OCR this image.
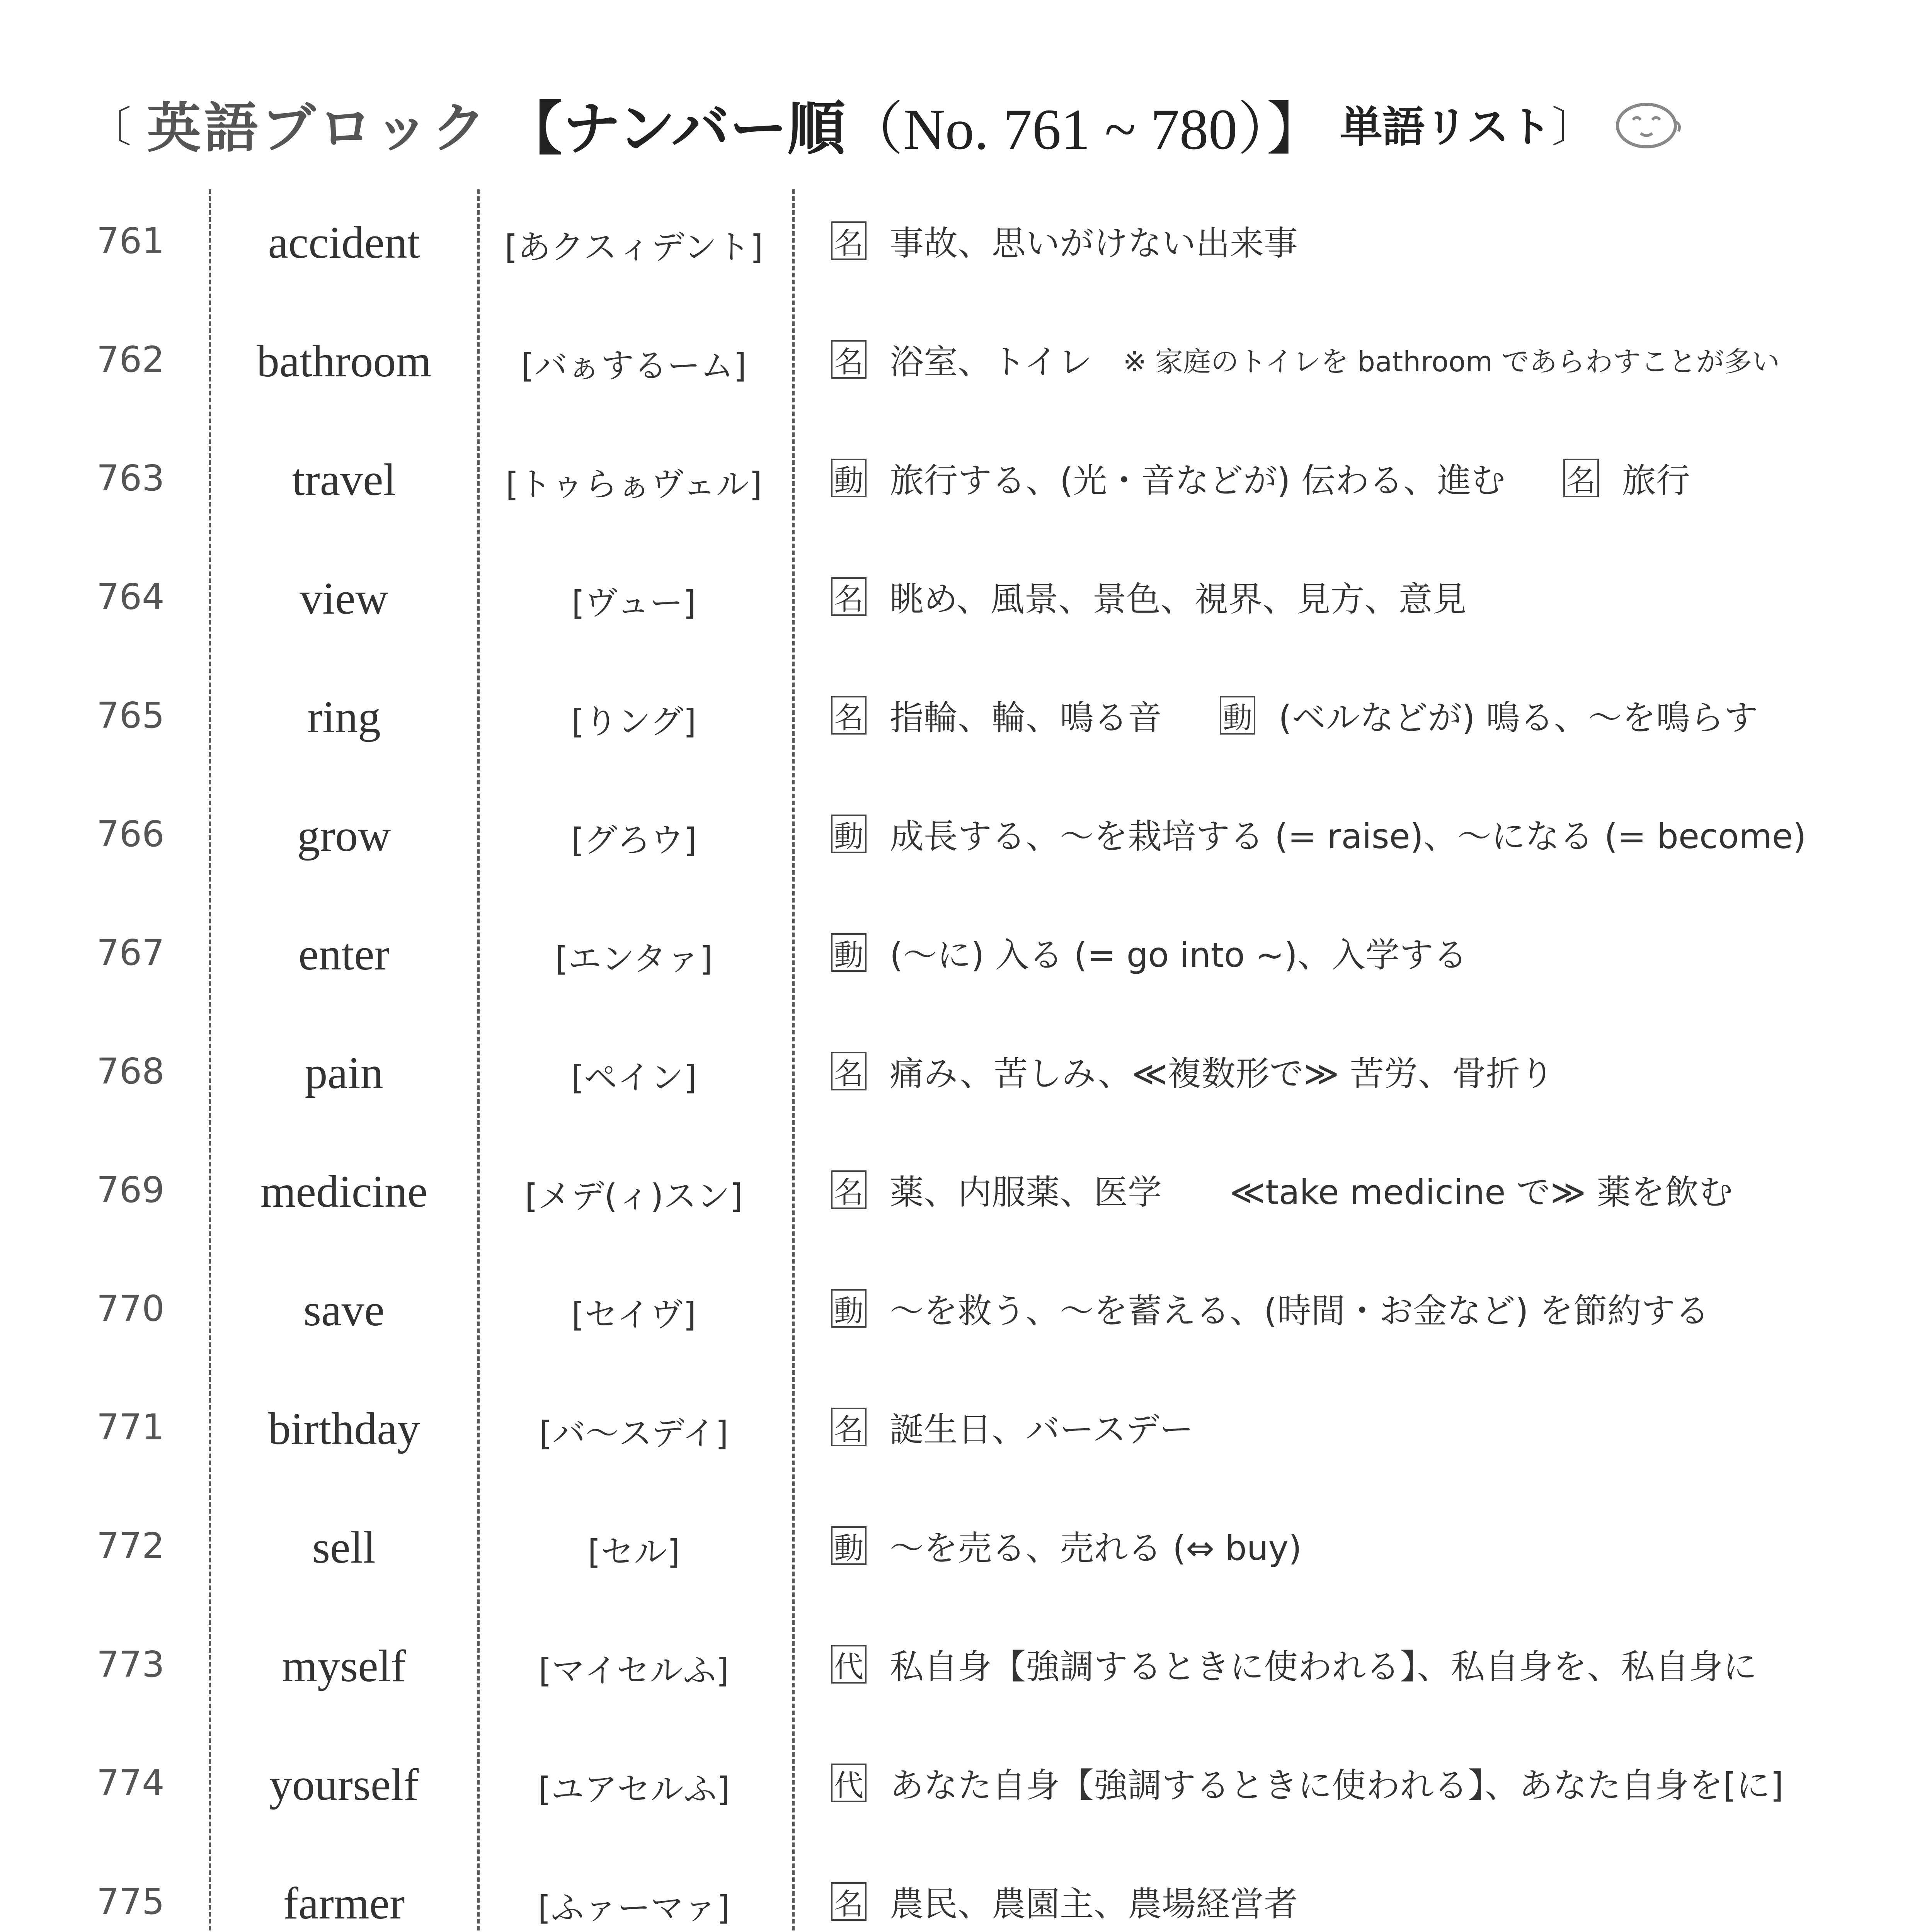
〔 英語ブロック 【ナンバー順 （No. 761 ~ 780）】 単語リスト 〕
761	accident	[あクスィデント]	名 事故、思いがけない出来事
762	bathroom	[バぁするーム]	名 浴室、トイレ ※ 家庭のトイレを bathroom であらわすことが多い
763	travel	[トゥらぁヴェル]	動 旅行する、(光・音などが) 伝わる、進む 名 旅行
764	view	[ヴュー]	名 眺め、風景、景色、視界、見方、意見
765	ring	[りング]	名 指輪、輪、鳴る音 動 (ベルなどが) 鳴る、～を鳴らす
766	grow	[グろウ]	動 成長する、～を栽培する (= raise)、～になる (= become)
767	enter	[エンタァ]	動 (～に) 入る (= go into ~)、入学する
768	pain	[ペイン]	名 痛み、苦しみ、≪複数形で≫ 苦労、骨折り
769	medicine	[メデ(ィ)スン]	名 薬、内服薬、医学　　≪take medicine で≫ 薬を飲む
770	save	[セイヴ]	動 ～を救う、～を蓄える、(時間・お金など) を節約する
771	birthday	[バ～スデイ]	名 誕生日、バースデー
772	sell	[セル]	動 ～を売る、売れる (⇔ buy)
773	myself	[マイセルふ]	代 私自身【強調するときに使われる】、私自身を、私自身に
774	yourself	[ユアセルふ]	代 あなた自身【強調するときに使われる】、あなた自身を[に]
775	farmer	[ふァーマァ]	名 農民、農園主、農場経営者
